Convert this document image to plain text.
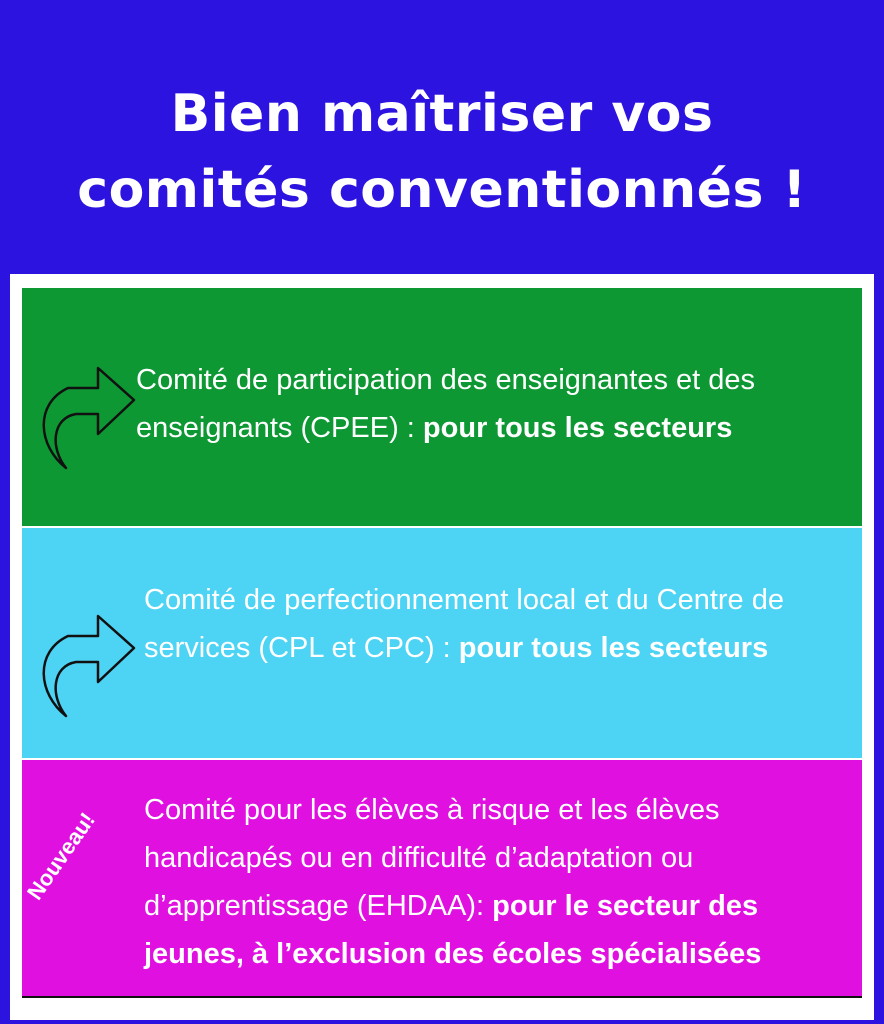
Bien maîtriser vos
comités conventionnés !
Comité de participation des enseignantes et des enseignants (CPEE) : pour tous les secteurs
Comité de perfectionnement local et du Centre de services (CPL et CPC) : pour tous les secteurs
Nouveau! Comité pour les élèves à risque et les élèves handicapés ou en difficulté d’adaptation ou d’apprentissage (EHDAA): pour le secteur des jeunes, à l’exclusion des écoles spécialisées
